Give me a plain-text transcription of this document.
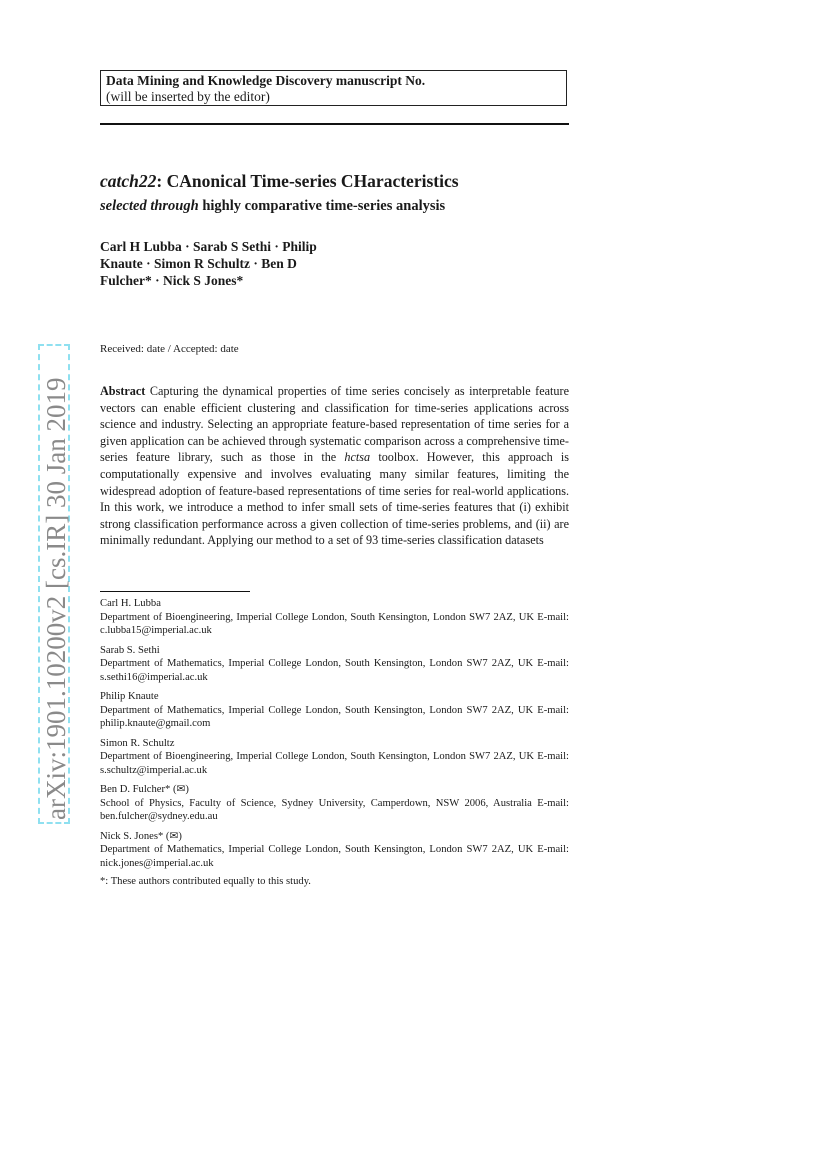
Data Mining and Knowledge Discovery manuscript No.
(will be inserted by the editor)
catch22: CAnonical Time-series CHaracteristics
selected through highly comparative time-series analysis
Carl H Lubba · Sarab S Sethi · Philip
Knaute · Simon R Schultz · Ben D
Fulcher* · Nick S Jones*
Received: date / Accepted: date
Abstract Capturing the dynamical properties of time series concisely as interpretable feature vectors can enable efficient clustering and classification for time-series applications across science and industry. Selecting an appropriate feature-based representation of time series for a given application can be achieved through systematic comparison across a comprehensive time-series feature library, such as those in the hctsa toolbox. However, this approach is computationally expensive and involves evaluating many similar features, limiting the widespread adoption of feature-based representations of time series for real-world applications. In this work, we introduce a method to infer small sets of time-series features that (i) exhibit strong classification performance across a given collection of time-series problems, and (ii) are minimally redundant. Applying our method to a set of 93 time-series classification datasets
Carl H. Lubba
Department of Bioengineering, Imperial College London, South Kensington, London SW7 2AZ, UK E-mail: c.lubba15@imperial.ac.uk
Sarab S. Sethi
Department of Mathematics, Imperial College London, South Kensington, London SW7 2AZ, UK E-mail: s.sethi16@imperial.ac.uk
Philip Knaute
Department of Mathematics, Imperial College London, South Kensington, London SW7 2AZ, UK E-mail: philip.knaute@gmail.com
Simon R. Schultz
Department of Bioengineering, Imperial College London, South Kensington, London SW7 2AZ, UK E-mail: s.schultz@imperial.ac.uk
Ben D. Fulcher* (✉)
School of Physics, Faculty of Science, Sydney University, Camperdown, NSW 2006, Australia E-mail: ben.fulcher@sydney.edu.au
Nick S. Jones* (✉)
Department of Mathematics, Imperial College London, South Kensington, London SW7 2AZ, UK E-mail: nick.jones@imperial.ac.uk
*: These authors contributed equally to this study.
arXiv:1901.10200v2 [cs.IR] 30 Jan 2019
